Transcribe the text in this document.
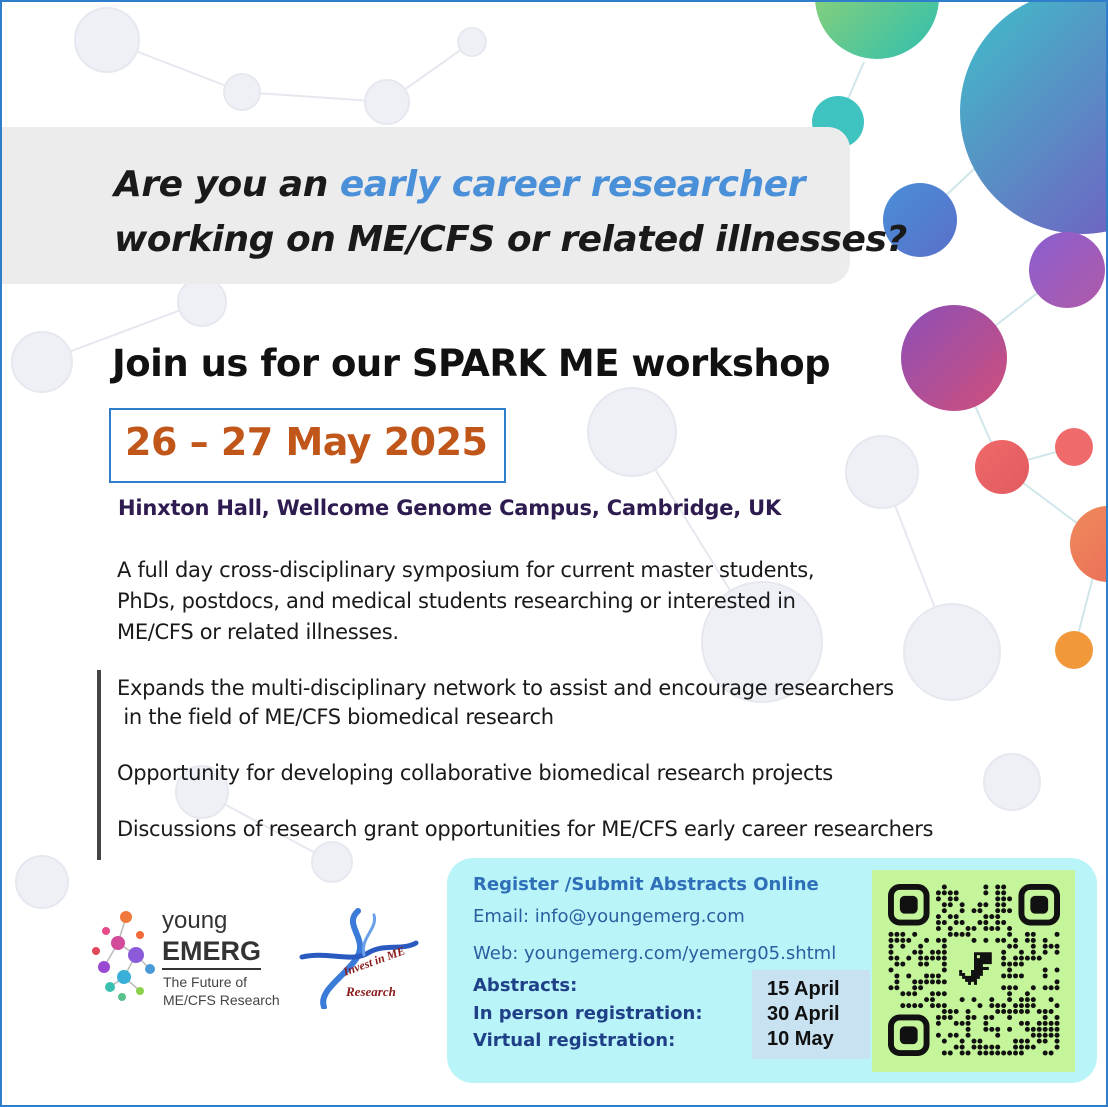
Are you an early career researcher
working on ME/CFS or related illnesses?
Join us for our SPARK ME workshop
26 – 27 May 2025
Hinxton Hall, Wellcome Genome Campus, Cambridge, UK
A full day cross-disciplinary symposium for current master students,
PhDs, postdocs, and medical students researching or interested in
ME/CFS or related illnesses.
Expands the multi-disciplinary network to assist and encourage researchers
in the field of ME/CFS biomedical research
Opportunity for developing collaborative biomedical research projects
Discussions of research grant opportunities for ME/CFS early career researchers
young
EMERG
The Future of
ME/CFS Research
Invest in ME
Research
Register /Submit Abstracts Online
Email: info@youngemerg.com
Web: youngemerg.com/yemerg05.shtml
Abstracts:
In person registration:
Virtual registration:
15 April
30 April
10 May
